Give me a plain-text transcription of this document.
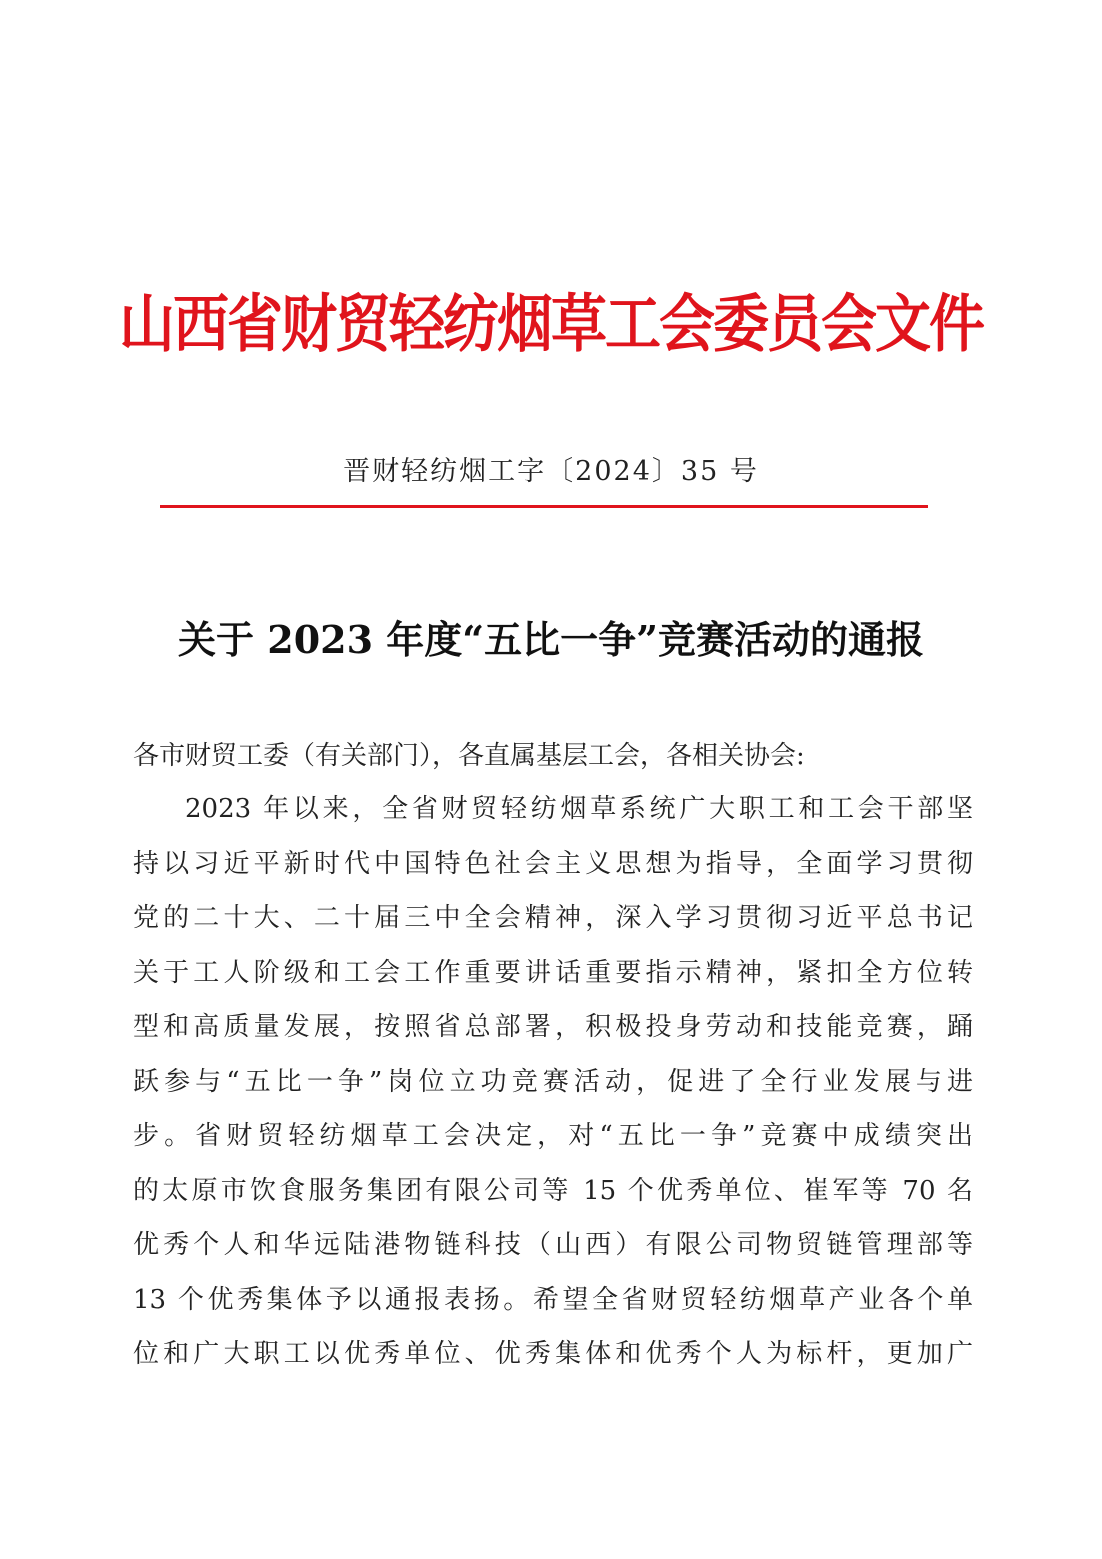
山西省财贸轻纺烟草工会委员会文件
晋财轻纺烟工字〔2024〕35 号
关于 2023 年度“五比一争”竞赛活动的通报
各市财贸工委（有关部门），各直属基层工会，各相关协会:
2023 年以来，全省财贸轻纺烟草系统广大职工和工会干部坚
持以习近平新时代中国特色社会主义思想为指导，全面学习贯彻
党的二十大、二十届三中全会精神，深入学习贯彻习近平总书记
关于工人阶级和工会工作重要讲话重要指示精神，紧扣全方位转
型和高质量发展，按照省总部署，积极投身劳动和技能竞赛，踊
跃参与“五比一争”岗位立功竞赛活动，促进了全行业发展与进
步。省财贸轻纺烟草工会决定，对“五比一争”竞赛中成绩突出
的太原市饮食服务集团有限公司等 15 个优秀单位、崔军等 70 名
优秀个人和华远陆港物链科技（山西）有限公司物贸链管理部等
13 个优秀集体予以通报表扬。希望全省财贸轻纺烟草产业各个单
位和广大职工以优秀单位、优秀集体和优秀个人为标杆，更加广
